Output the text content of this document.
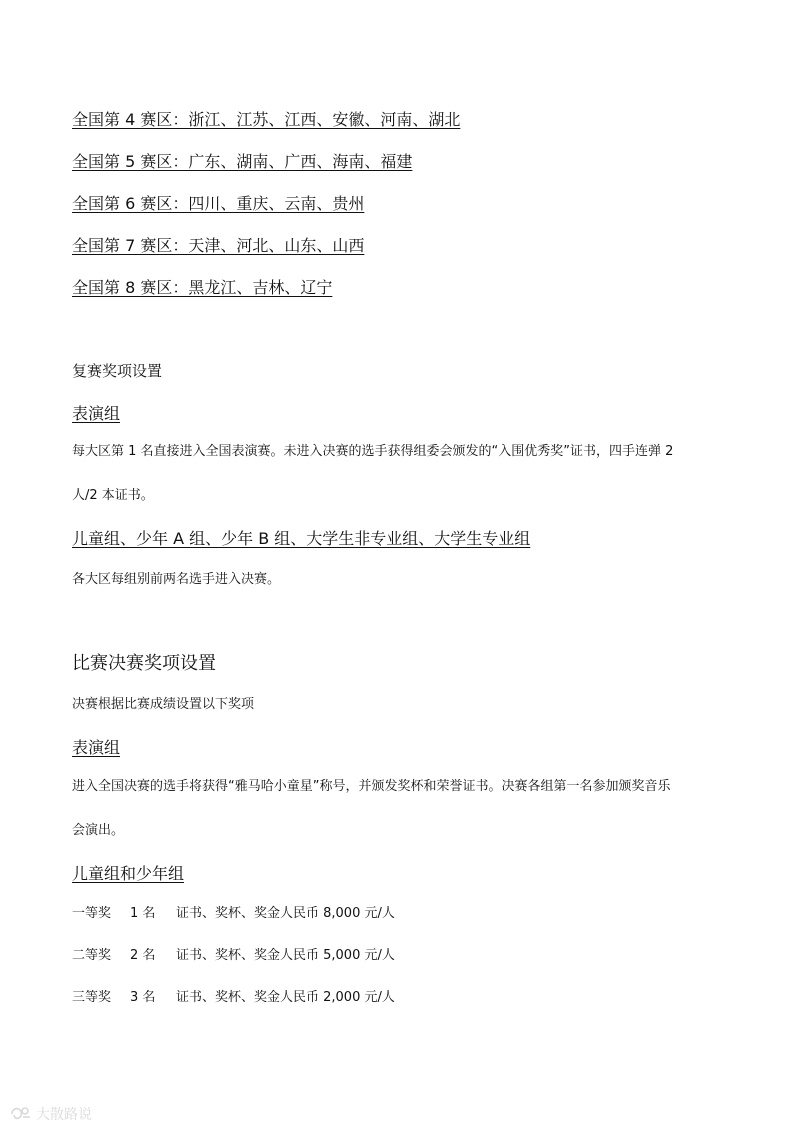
全国第 4 赛区：浙江、江苏、江西、安徽、河南、湖北
全国第 5 赛区：广东、湖南、广西、海南、福建
全国第 6 赛区：四川、重庆、云南、贵州
全国第 7 赛区：天津、河北、山东、山西
全国第 8 赛区：黑龙江、吉林、辽宁
复赛奖项设置
表演组
每大区第 1 名直接进入全国表演赛。未进入决赛的选手获得组委会颁发的“入围优秀奖”证书，四手连弹 2
人/2 本证书。
儿童组、少年 A 组、少年 B 组、大学生非专业组、大学生专业组
各大区每组别前两名选手进入决赛。
比赛决赛奖项设置
决赛根据比赛成绩设置以下奖项
表演组
进入全国决赛的选手将获得“雅马哈小童星”称号，并颁发奖杯和荣誉证书。决赛各组第一名参加颁奖音乐
会演出。
儿童组和少年组
一等奖 1 名 证书、奖杯、奖金人民币 8,000 元/人
二等奖 2 名 证书、奖杯、奖金人民币 5,000 元/人
三等奖 3 名 证书、奖杯、奖金人民币 2,000 元/人
大散路说
